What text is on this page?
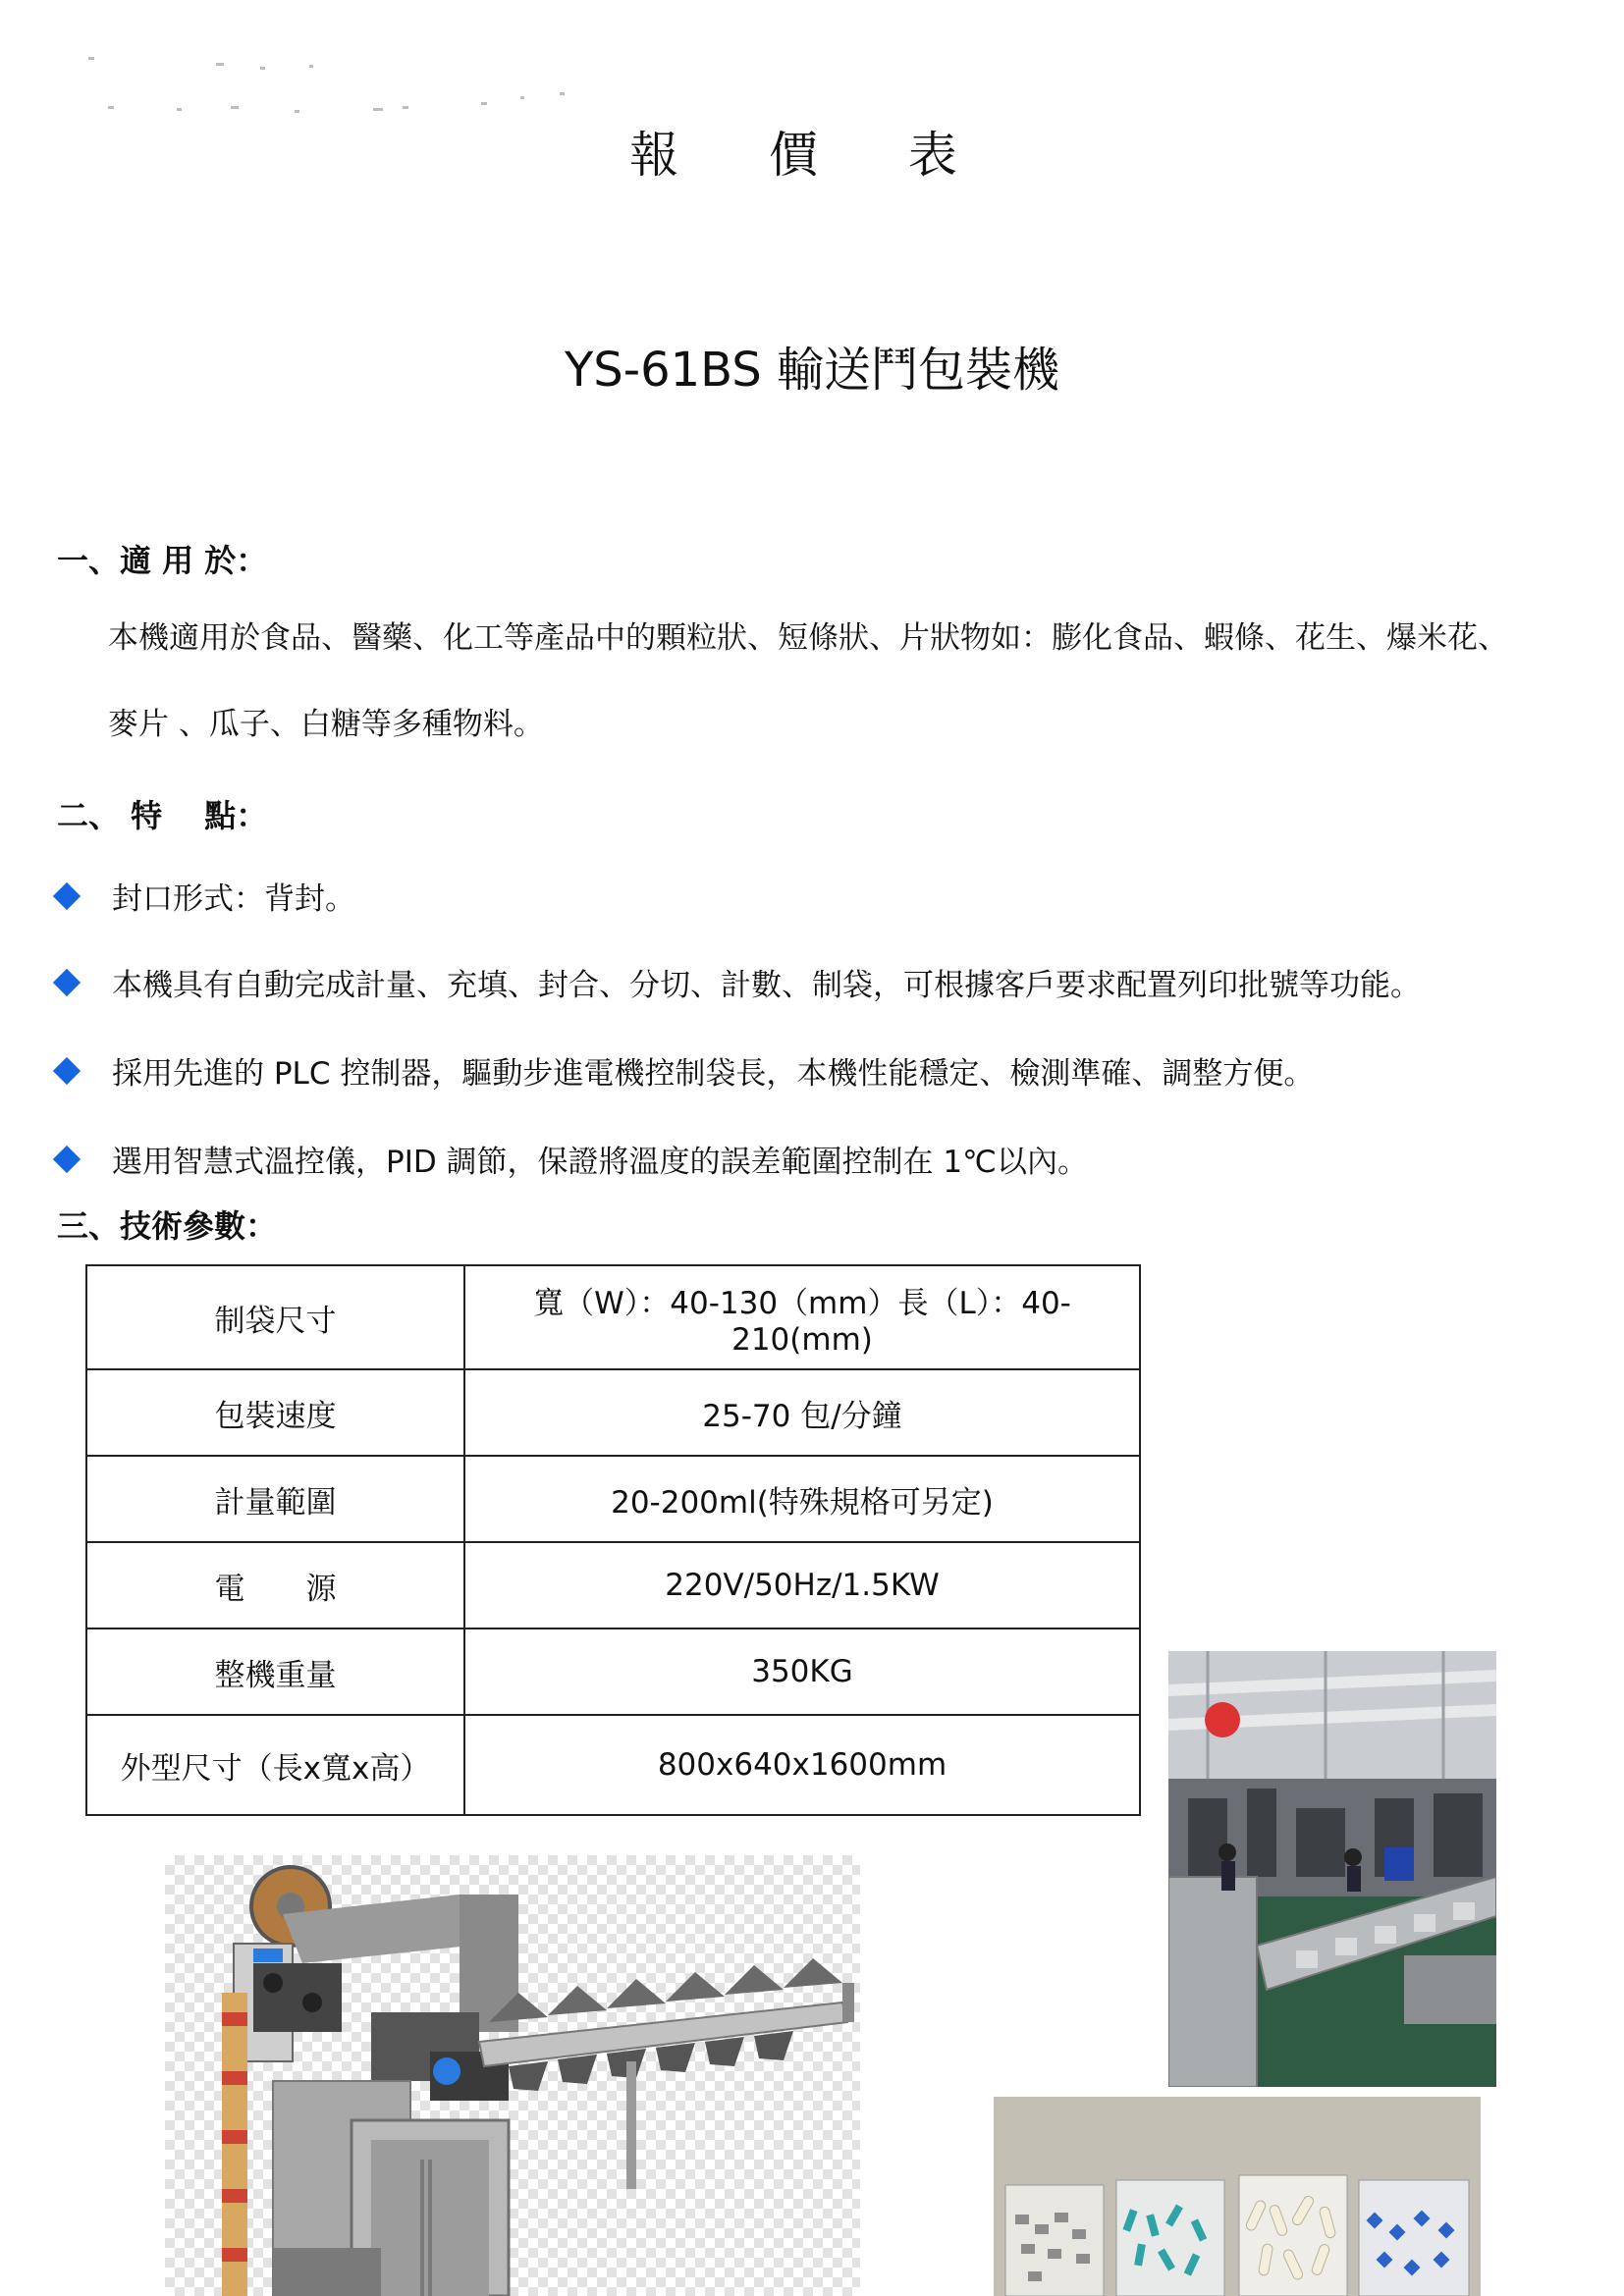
報 價 表
YS-61BS 輸送鬥包裝機
一、適 用 於：
本機適用於食品、醫藥、化工等產品中的顆粒狀、短條狀、片狀物如：膨化食品、蝦條、花生、爆米花、
麥片 、瓜子、白糖等多種物料。
二、 特　 點：
封口形式：背封。
本機具有自動完成計量、充填、封合、分切、計數、制袋，可根據客戶要求配置列印批號等功能。
採用先進的 PLC 控制器，驅動步進電機控制袋長，本機性能穩定、檢測準確、調整方便。
選用智慧式溫控儀，PID 調節，保證將溫度的誤差範圍控制在 1℃以內。
三、技術參數：
制袋尺寸	寬（W）：40-130（mm）長（L）：40-210(mm)
包裝速度	25-70 包/分鐘
計量範圍	20-200ml(特殊規格可另定)
電　　源	220V/50Hz/1.5KW
整機重量	350KG
外型尺寸（長x寬x高）	800x640x1600mm
